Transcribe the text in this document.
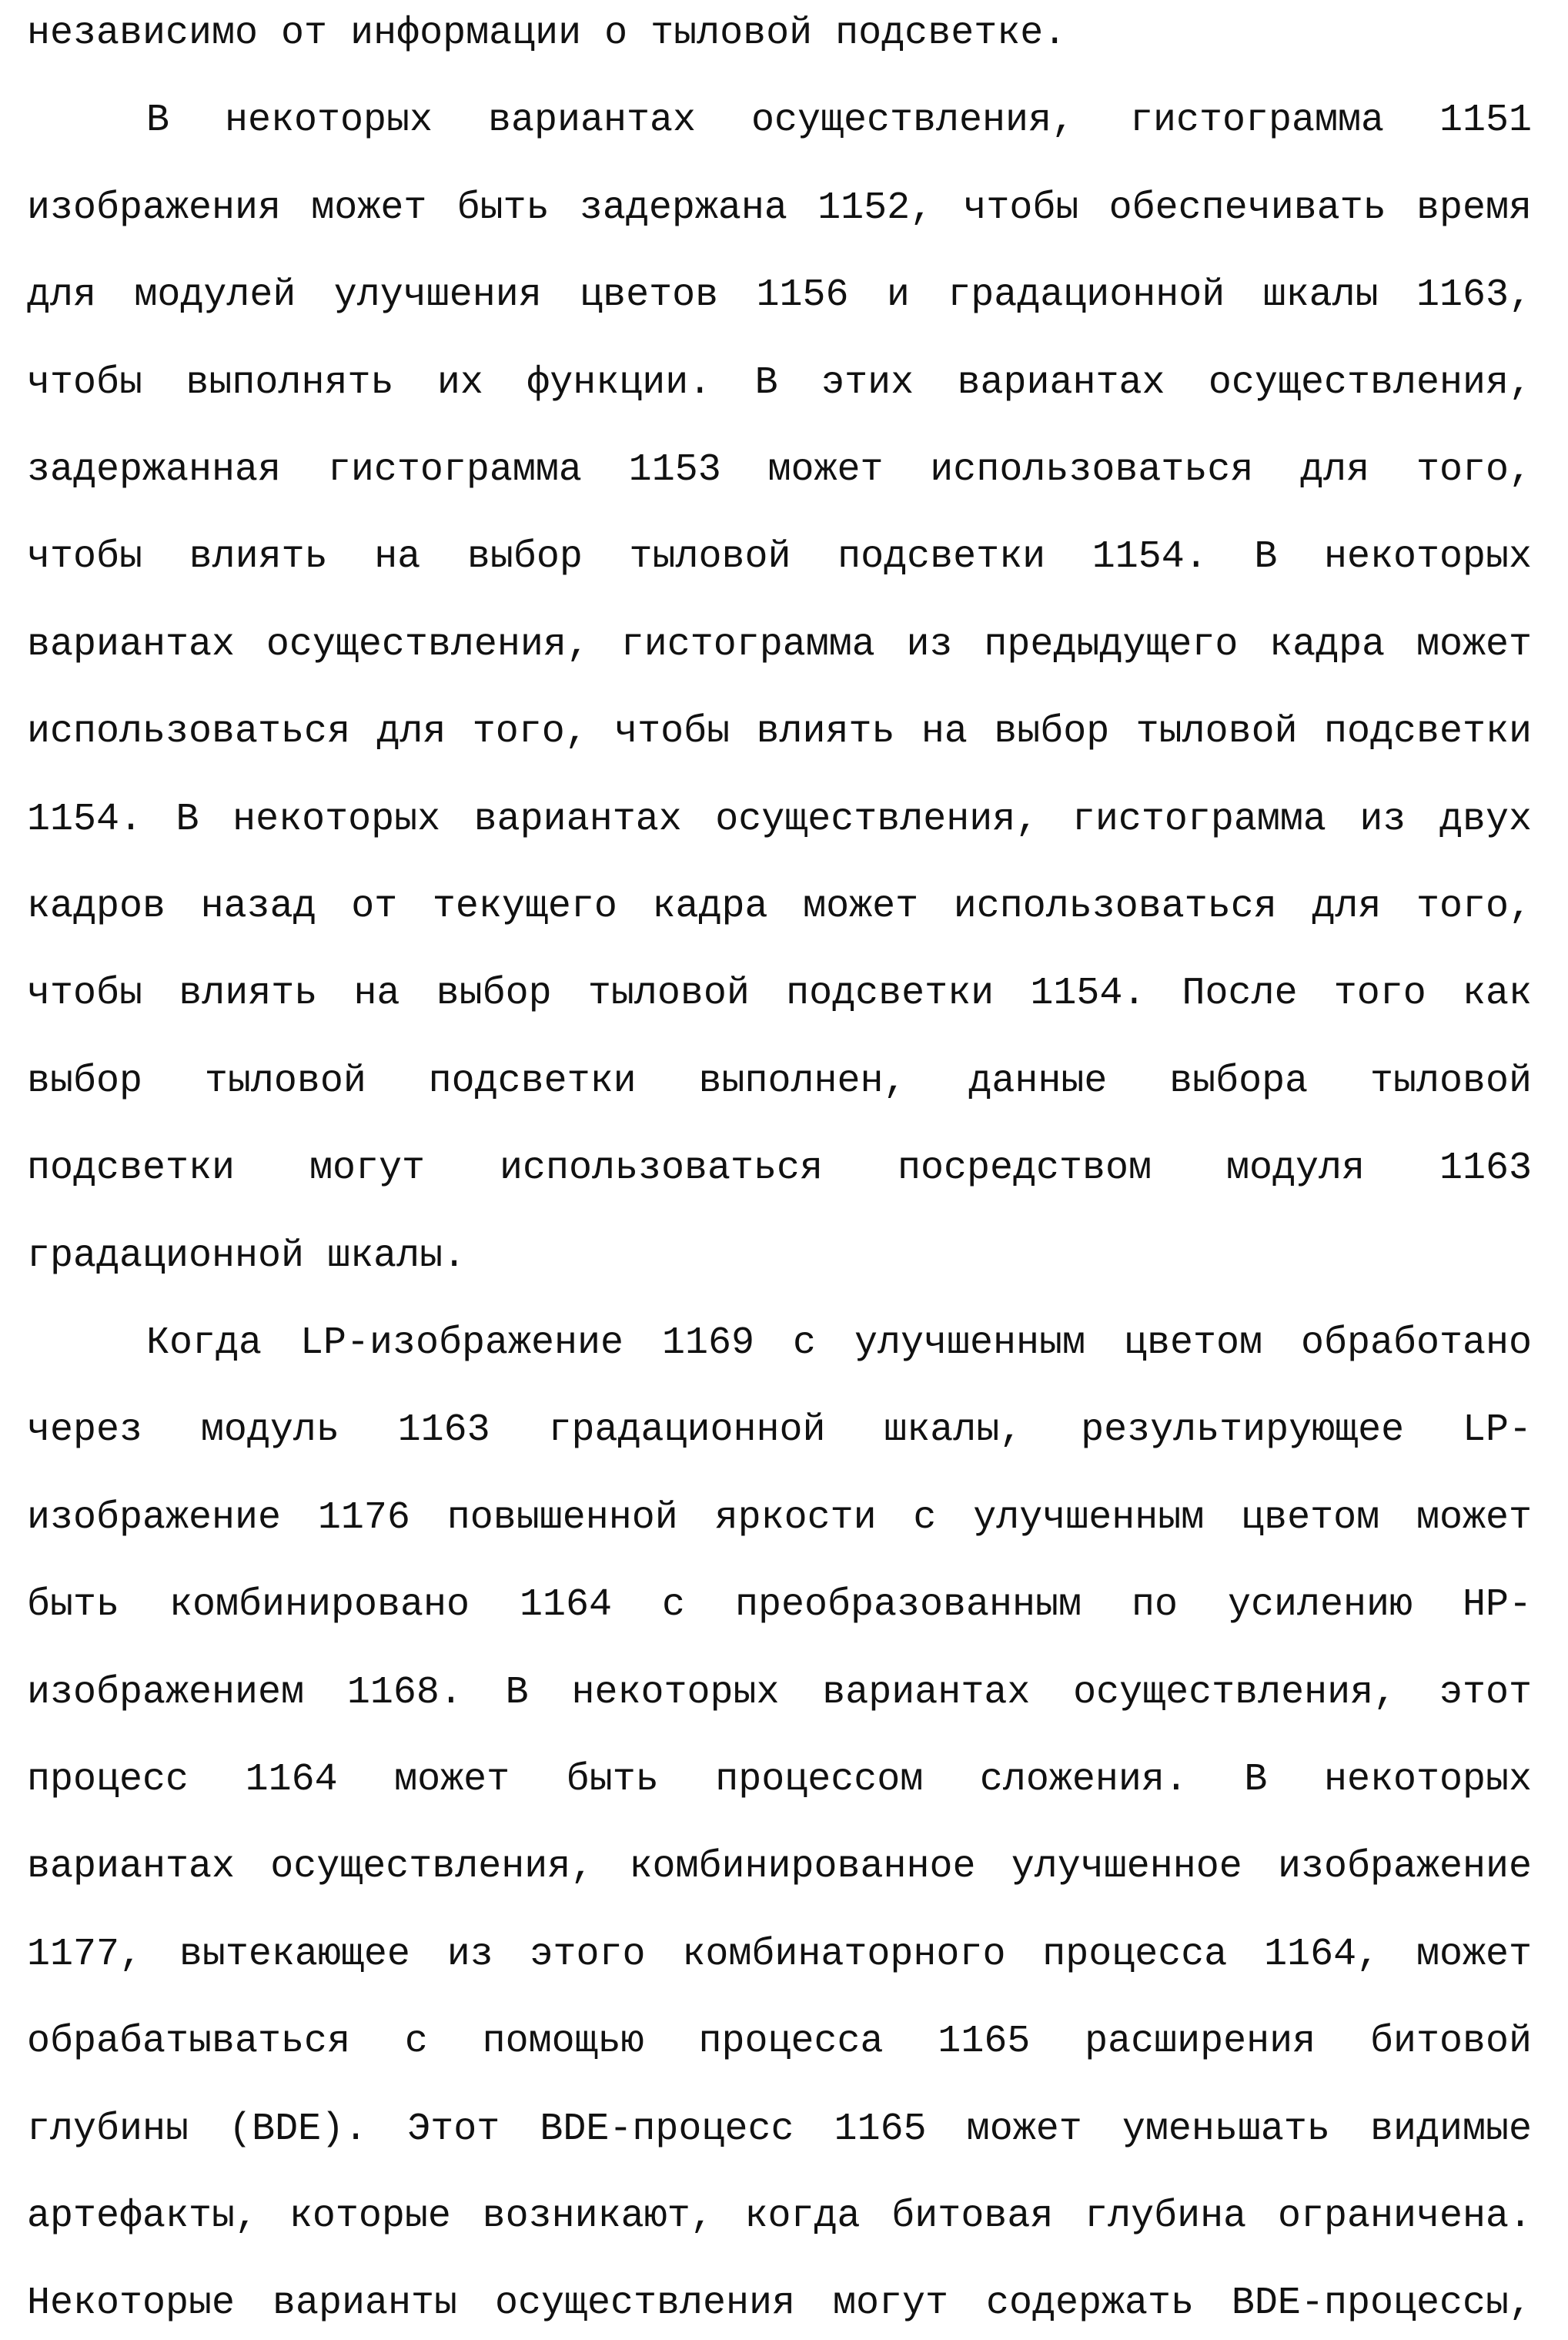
независимо от информации о тыловой подсветке.
В некоторых вариантах осуществления, гистограмма 1151
изображения может быть задержана 1152, чтобы обеспечивать время
для модулей улучшения цветов 1156 и градационной шкалы 1163,
чтобы выполнять их функции. В этих вариантах осуществления,
задержанная гистограмма 1153 может использоваться для того,
чтобы влиять на выбор тыловой подсветки 1154. В некоторых
вариантах осуществления, гистограмма из предыдущего кадра может
использоваться для того, чтобы влиять на выбор тыловой подсветки
1154. В некоторых вариантах осуществления, гистограмма из двух
кадров назад от текущего кадра может использоваться для того,
чтобы влиять на выбор тыловой подсветки 1154. После того как
выбор тыловой подсветки выполнен, данные выбора тыловой
подсветки могут использоваться посредством модуля 1163
градационной шкалы.
Когда LP-изображение 1169 с улучшенным цветом обработано
через модуль 1163 градационной шкалы, результирующее LP-
изображение 1176 повышенной яркости с улучшенным цветом может
быть комбинировано 1164 с преобразованным по усилению HP-
изображением 1168. В некоторых вариантах осуществления, этот
процесс 1164 может быть процессом сложения. В некоторых
вариантах осуществления, комбинированное улучшенное изображение
1177, вытекающее из этого комбинаторного процесса 1164, может
обрабатываться с помощью процесса 1165 расширения битовой
глубины (BDE). Этот BDE-процесс 1165 может уменьшать видимые
артефакты, которые возникают, когда битовая глубина ограничена.
Некоторые варианты осуществления могут содержать BDE-процессы,
